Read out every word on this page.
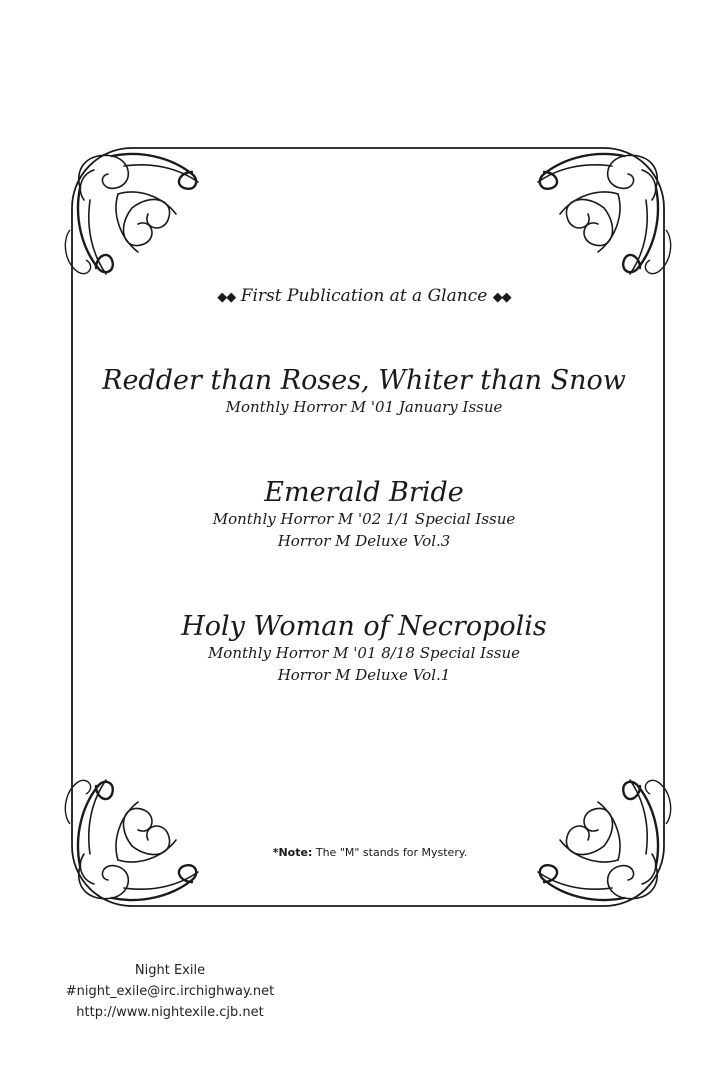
◆◆ First Publication at a Glance ◆◆
Redder than Roses, Whiter than Snow
Monthly Horror M '01 January Issue
Emerald Bride
Monthly Horror M '02 1/1 Special Issue
Horror M Deluxe Vol.3
Holy Woman of Necropolis
Monthly Horror M '01 8/18 Special Issue
Horror M Deluxe Vol.1
*Note: The "M" stands for Mystery.
Night Exile
#night_exile@irc.irchighway.net
http://www.nightexile.cjb.net
